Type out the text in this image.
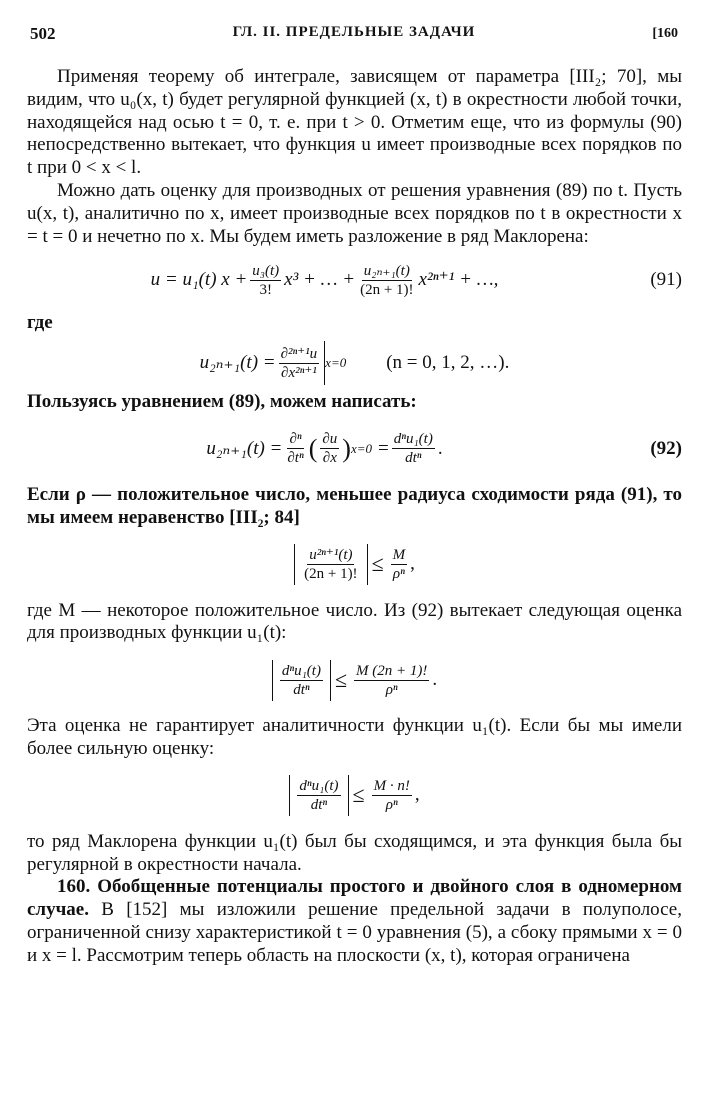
502	ГЛ. II. ПРЕДЕЛЬНЫЕ ЗАДАЧИ	[160

Применяя теорему об интеграле, зависящем от параметра [III₂; 70], мы видим, что u₀(x, t) будет регулярной функцией (x, t) в окрестности любой точки, находящейся над осью t = 0, т. е. при t > 0. Отметим еще, что из формулы (90) непосредственно вытекает, что функция u имеет производные всех порядков по t при 0 < x < l.

Можно дать оценку для производных от решения уравнения (89) по t. Пусть u(x, t), аналитично по x, имеет производные всех порядков по t в окрестности x = t = 0 и нечетно по x. Мы будем иметь разложение в ряд Маклорена:

u = u₁(t) $x + \frac{\text{u₃(t)}}{3!} x^3$ + … + $\frac{\text{u₂ₙ₊₁(t)}}{(2n + 1)!} x^{2n+1}$ + …,	(91)

где

$u_{2n+1}(t) = \frac{\text{∂²ⁿ⁺¹u}}{\text{∂x²ⁿ⁺¹}} x=0$ (n = 0, 1, 2, …).

Пользуясь уравнением (89), можем написать:

$u_{2n+1}(t) = \frac{\text{∂ⁿ}}{\text{∂tⁿ}}$ ( $\frac{\partial u}{\partial x}$ ) x=0 = dⁿu₁(t)
dtⁿ .	(92)

Если ρ — положительное число, меньшее радиуса сходимости ряда (91), то мы имеем неравенство [III₂; 84]

$\frac{\text{u²ⁿ⁺¹(t)}}{(2n + 1)!} \le \frac{M}{\text{ρⁿ}}$ ,

где M — некоторое положительное число. Из (92) вытекает следующая оценка для производных функции u₁(t):

dⁿu₁(t)
$dt^n \le \frac{M (2n + 1)!}{\text{ρⁿ}}$ .

Эта оценка не гарантирует аналитичности функции u₁(t). Если бы мы имели более сильную оценку:

dⁿu₁(t)
$dt^n \le \frac{M \cdot n!}{\text{ρⁿ}}$ ,

то ряд Маклорена функции u₁(t) был бы сходящимся, и эта функция была бы регулярной в окрестности начала.

160. Обобщенные потенциалы простого и двойного слоя в одномерном случае. В [152] мы изложили решение предельной задачи в полуполосе, ограниченной снизу характеристикой t = 0 уравнения (5), а сбоку прямыми x = 0 и x = l. Рассмотрим теперь область на плоскости (x, t), которая ограничена
